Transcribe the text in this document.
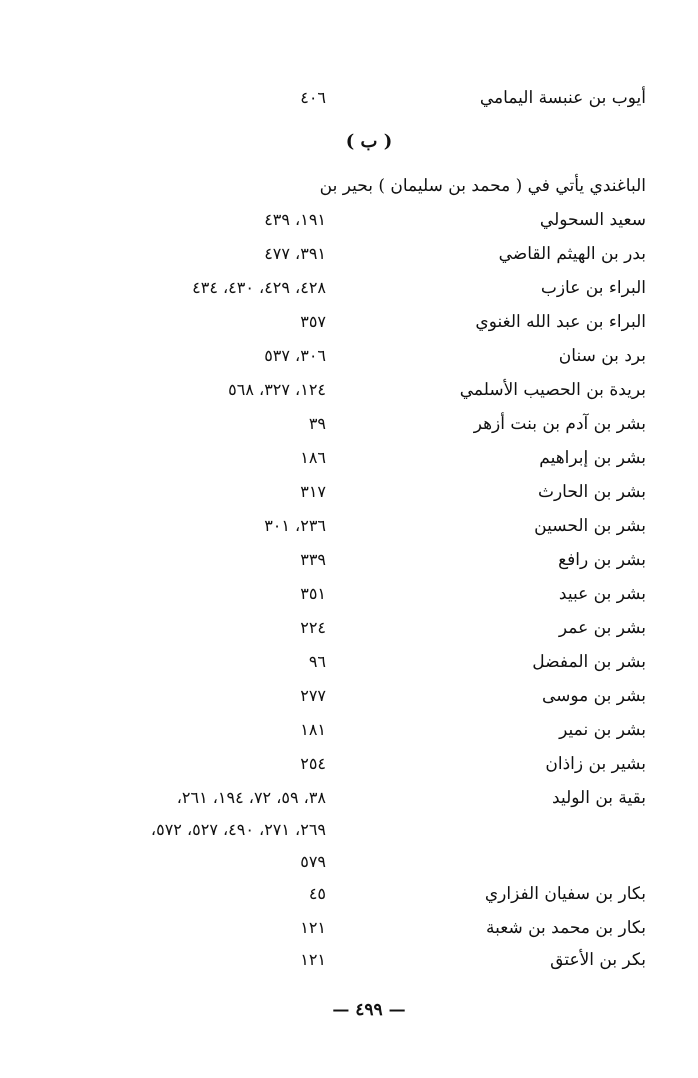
أيوب بن عنبسة اليمامي
٤٠٦
( ب )
الباغندي يأتي في ( محمد بن سليمان ) بحير بن
سعيد السحولي
١٩١، ٤٣٩
بدر بن الهيثم القاضي
٣٩١، ٤٧٧
البراء بن عازب
٤٢٨، ٤٢٩، ٤٣٠، ٤٣٤
البراء بن عبد الله الغنوي
٣٥٧
برد بن سنان
٣٠٦، ٥٣٧
بريدة بن الحصيب الأسلمي
١٢٤، ٣٢٧، ٥٦٨
بشر بن آدم بن بنت أزهر
٣٩
بشر بن إبراهيم
١٨٦
بشر بن الحارث
٣١٧
بشر بن الحسين
٢٣٦، ٣٠١
بشر بن رافع
٣٣٩
بشر بن عبيد
٣٥١
بشر بن عمر
٢٢٤
بشر بن المفضل
٩٦
بشر بن موسى
٢٧٧
بشر بن نمير
١٨١
بشير بن زاذان
٢٥٤
بقية بن الوليد
٣٨، ٥٩، ٧٢، ١٩٤، ٢٦١،
٢٦٩، ٢٧١، ٤٩٠، ٥٢٧، ٥٧٢،
٥٧٩
بكار بن سفيان الفزاري
٤٥
بكار بن محمد بن شعبة
١٢١
بكر بن الأعتق
١٢١
— ٤٩٩ —
